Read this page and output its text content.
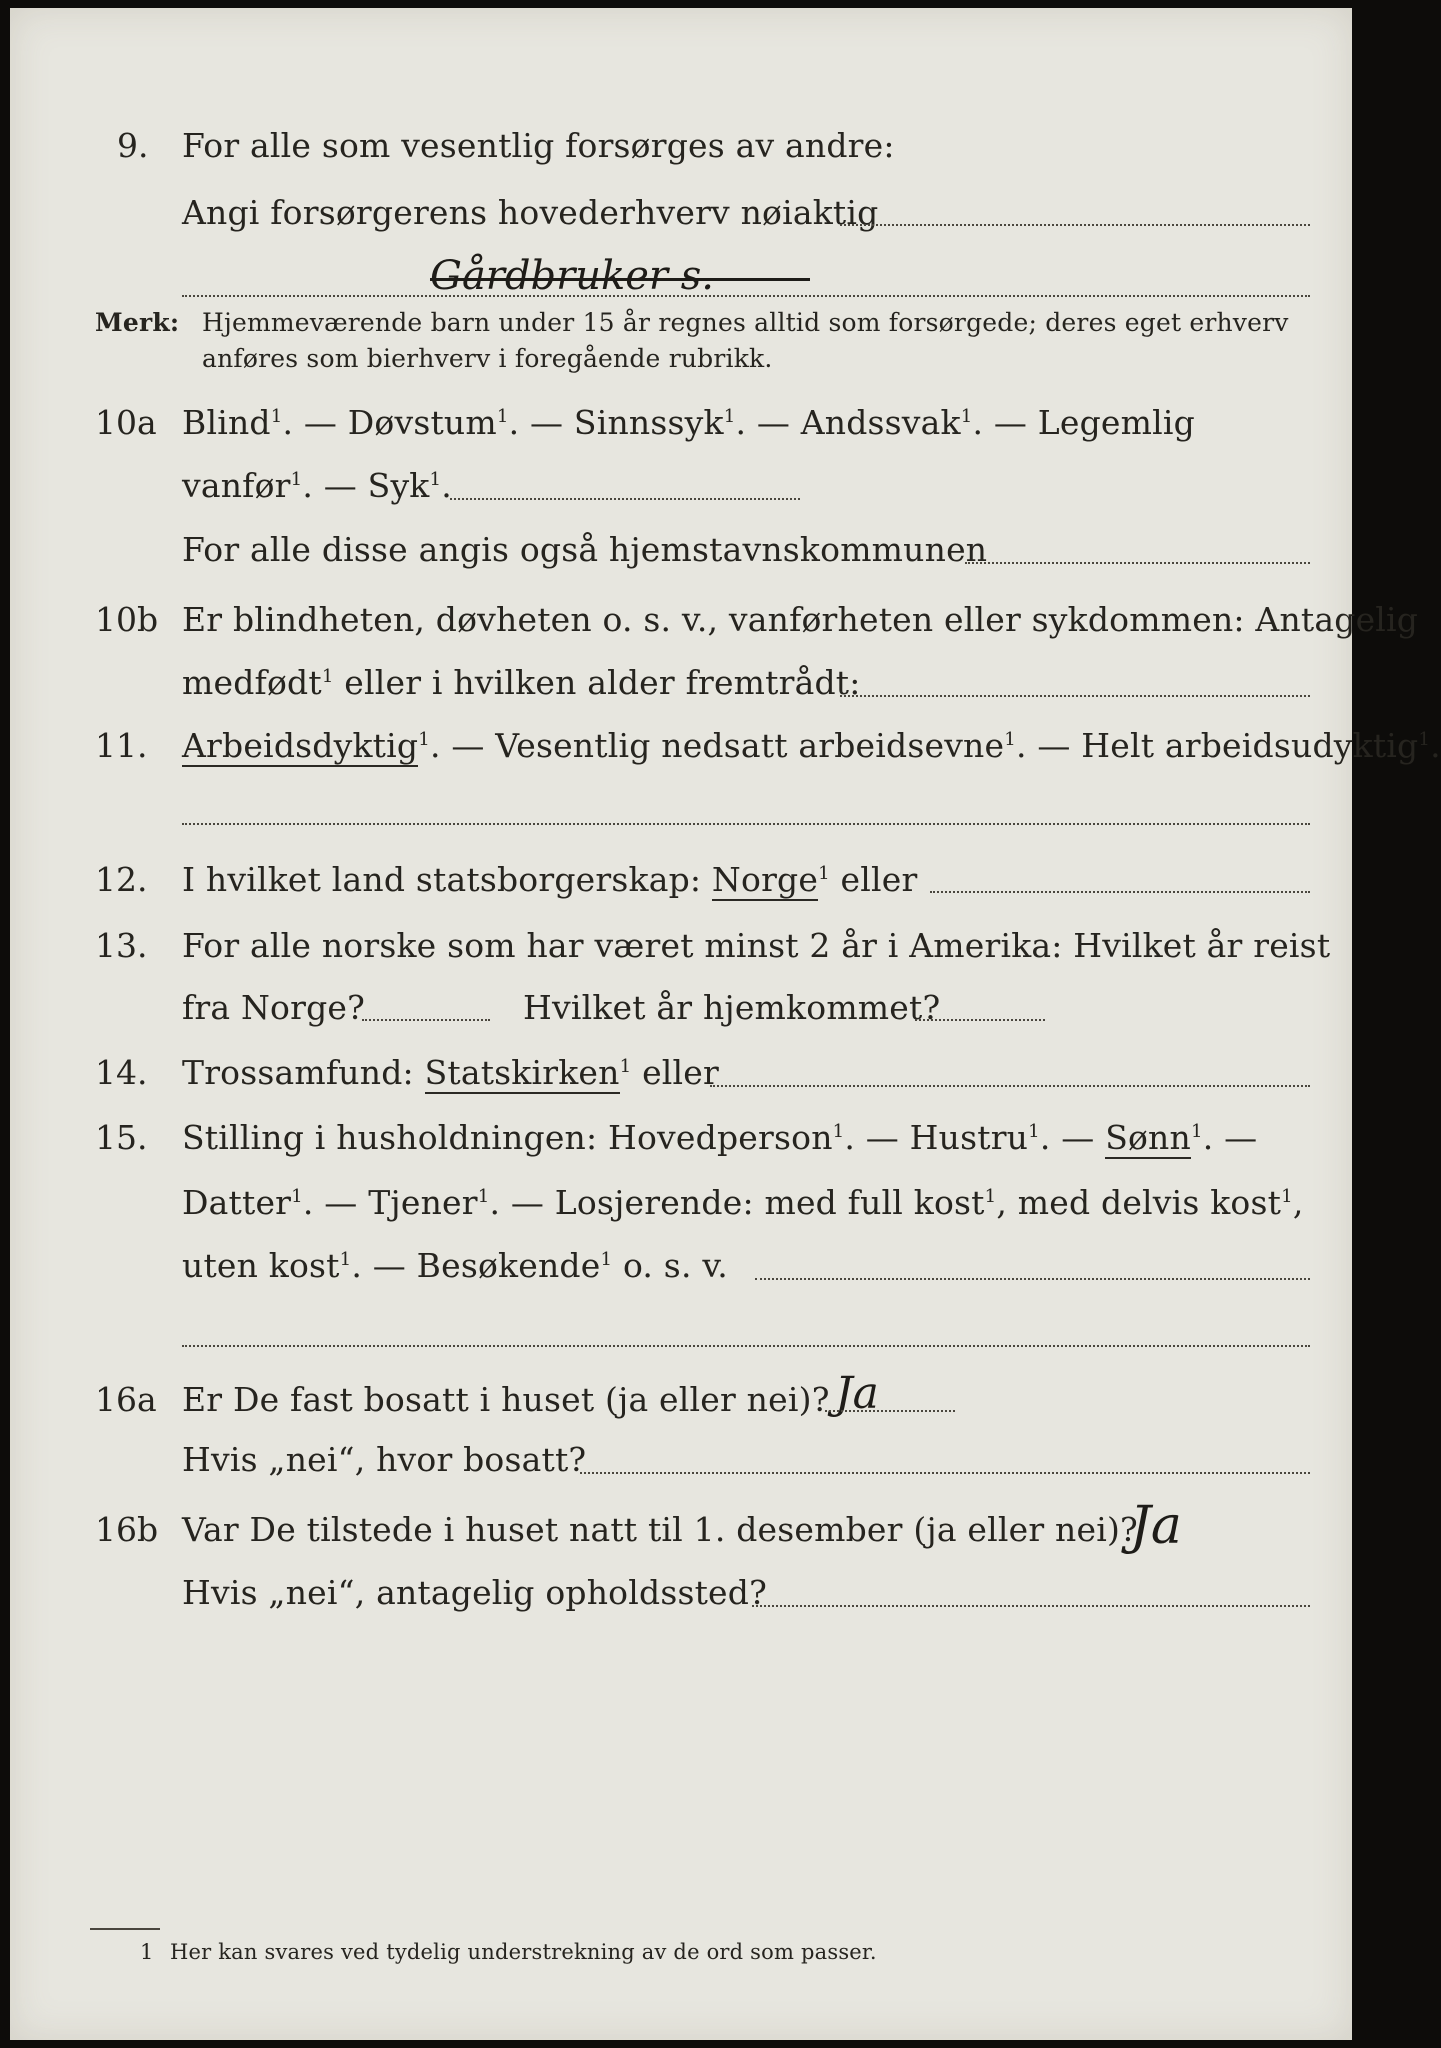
9. For alle som vesentlig forsørges av andre:
Angi forsørgerens hovederhverv nøiaktig
Gårdbruker s.
Merk: Hjemmeværende barn under 15 år regnes alltid som forsørgede; deres eget erhverv
anføres som bierhverv i foregående rubrikk.
10a Blind$^1$. — Døvstum$^1$. — Sinnssyk$^1$. — Andssvak$^1$. — Legemlig
vanfør$^1$. — Syk$^1$.
For alle disse angis også hjemstavnskommunen
10b Er blindheten, døvheten o. s. v., vanførheten eller sykdommen: Antagelig
medfødt$^1$ eller i hvilken alder fremtrådt:
11. Arbeidsdyktig$^1$. — Vesentlig nedsatt arbeidsevne$^1$. — Helt arbeidsudyktig$^1$.
12. I hvilket land statsborgerskap: Norge$^1$ eller
13. For alle norske som har været minst 2 år i Amerika: Hvilket år reist
fra Norge?	Hvilket år hjemkommet?
14. Trossamfund: Statskirken$^1$ eller
15. Stilling i husholdningen: Hovedperson$^1$. — Hustru$^1$. — Sønn$^1$. —
Datter$^1$. — Tjener$^1$. — Losjerende: med full kost$^1$, med delvis kost$^1$,
uten kost$^1$. — Besøkende$^1$ o. s. v.
16a Er De fast bosatt i huset (ja eller nei)? Ja
Hvis „nei“, hvor bosatt?
16b Var De tilstede i huset natt til 1. desember (ja eller nei)?
Ja
Hvis „nei“, antagelig opholdssted?
1 Her kan svares ved tydelig understrekning av de ord som passer.
